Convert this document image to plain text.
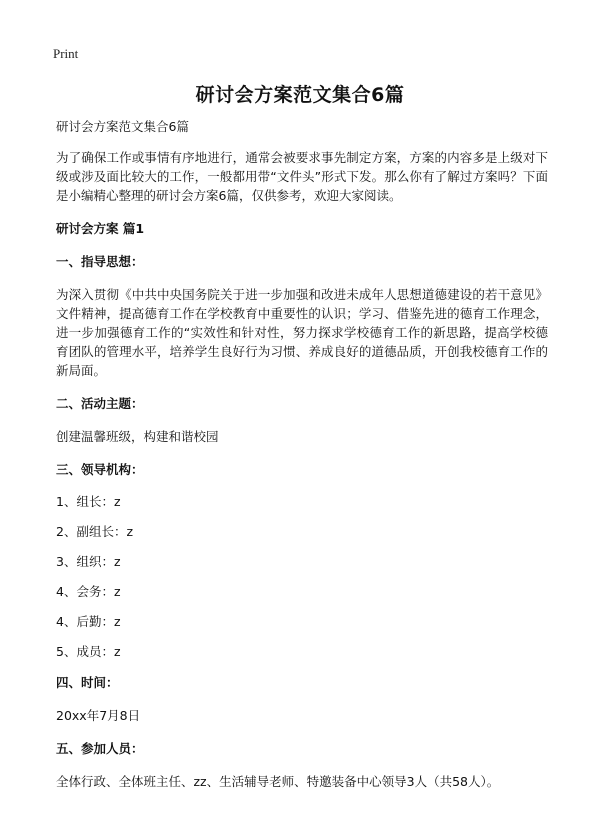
Print
研讨会方案范文集合6篇
研讨会方案范文集合6篇
为了确保工作或事情有序地进行，通常会被要求事先制定方案，方案的内容多是上级对下级或涉及面比较大的工作，一般都用带“文件头”形式下发。那么你有了解过方案吗？下面是小编精心整理的研讨会方案6篇，仅供参考，欢迎大家阅读。
研讨会方案 篇1
一、指导思想：
为深入贯彻《中共中央国务院关于进一步加强和改进未成年人思想道德建设的若干意见》文件精神，提高德育工作在学校教育中重要性的认识；学习、借鉴先进的德育工作理念，进一步加强德育工作的“实效性和针对性，努力探求学校德育工作的新思路，提高学校德育团队的管理水平，培养学生良好行为习惯、养成良好的道德品质，开创我校德育工作的新局面。
二、活动主题：
创建温馨班级，构建和谐校园
三、领导机构：
1、组长：z
2、副组长：z
3、组织：z
4、会务：z
4、后勤：z
5、成员：z
四、时间：
20xx年7月8日
五、参加人员：
全体行政、全体班主任、zz、生活辅导老师、特邀装备中心领导3人（共58人）。
